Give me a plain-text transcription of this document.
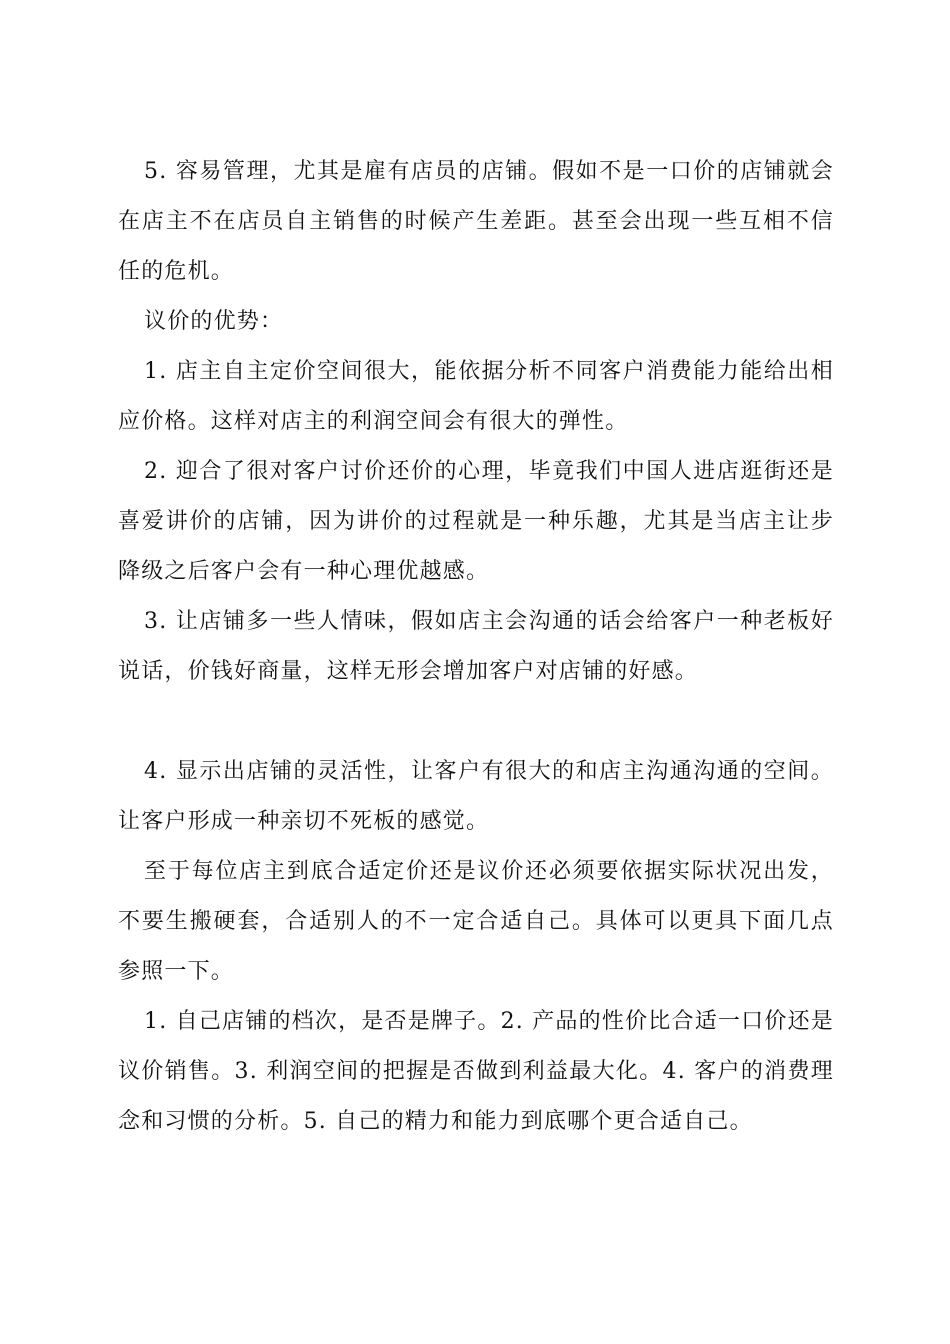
5. 容易管理，尤其是雇有店员的店铺。假如不是一口价的店铺就会在店主不在店员自主销售的时候产生差距。甚至会出现一些互相不信任的危机。

议价的优势：

1. 店主自主定价空间很大，能依据分析不同客户消费能力能给出相应价格。这样对店主的利润空间会有很大的弹性。

2. 迎合了很对客户讨价还价的心理，毕竟我们中国人进店逛街还是喜爱讲价的店铺，因为讲价的过程就是一种乐趣，尤其是当店主让步降级之后客户会有一种心理优越感。

3. 让店铺多一些人情味，假如店主会沟通的话会给客户一种老板好说话，价钱好商量，这样无形会增加客户对店铺的好感。

4. 显示出店铺的灵活性，让客户有很大的和店主沟通沟通的空间。让客户形成一种亲切不死板的感觉。

至于每位店主到底合适定价还是议价还必须要依据实际状况出发，不要生搬硬套，合适别人的不一定合适自己。具体可以更具下面几点参照一下。

1. 自己店铺的档次，是否是牌子。2. 产品的性价比合适一口价还是议价销售。3. 利润空间的把握是否做到利益最大化。4. 客户的消费理念和习惯的分析。5. 自己的精力和能力到底哪个更合适自己。
